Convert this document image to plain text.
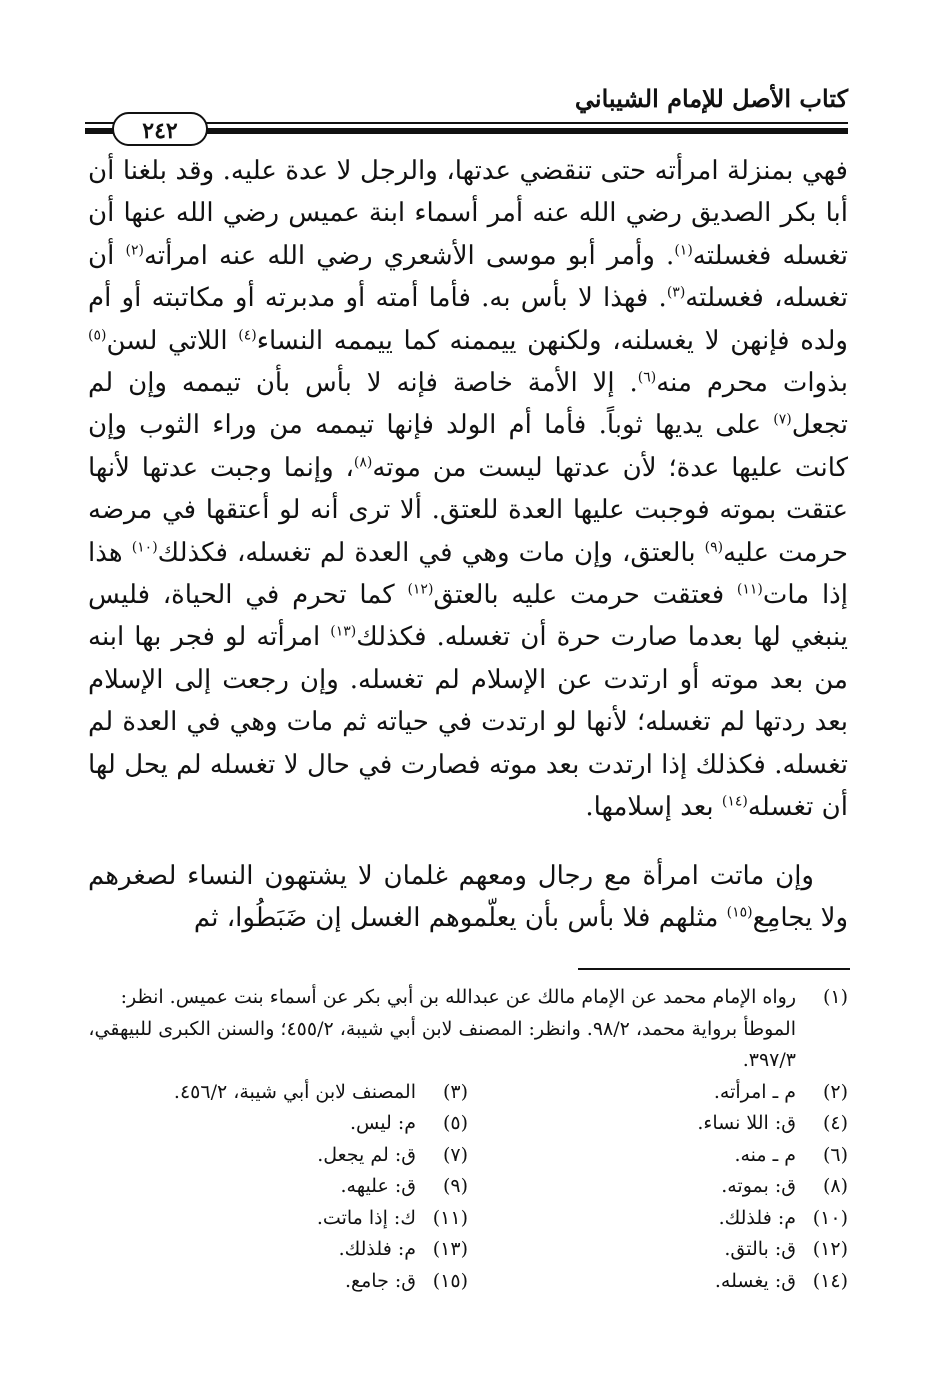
كتاب الأصل للإمام الشيباني
٢٤٢

فهي بمنزلة امرأته حتى تنقضي عدتها، والرجل لا عدة عليه. وقد بلغنا أن أبا بكر الصديق رضي الله عنه أمر أسماء ابنة عميس رضي الله عنها أن تغسله فغسلته$^{(١)}$. وأمر أبو موسى الأشعري رضي الله عنه امرأته$^{(٢)}$ أن تغسله، فغسلته$^{(٣)}$. فهذا لا بأس به. فأما أمته أو مدبرته أو مكاتبته أو أم ولده فإنهن لا يغسلنه، ولكنهن ييممنه كما ييممه النساء$^{(٤)}$ اللاتي لسن$^{(٥)}$ بذوات محرم منه$^{(٦)}$. إلا الأمة خاصة فإنه لا بأس بأن تيممه وإن لم تجعل$^{(٧)}$ على يديها ثوباً. فأما أم الولد فإنها تيممه من وراء الثوب وإن كانت عليها عدة؛ لأن عدتها ليست من موته$^{(٨)}$، وإنما وجبت عدتها لأنها عتقت بموته فوجبت عليها العدة للعتق. ألا ترى أنه لو أعتقها في مرضه حرمت عليه$^{(٩)}$ بالعتق، وإن مات وهي في العدة لم تغسله، فكذلك$^{(١٠)}$ هذا إذا مات$^{(١١)}$ فعتقت حرمت عليه بالعتق$^{(١٢)}$ كما تحرم في الحياة، فليس ينبغي لها بعدما صارت حرة أن تغسله. فكذلك$^{(١٣)}$ امرأته لو فجر بها ابنه من بعد موته أو ارتدت عن الإسلام لم تغسله. وإن رجعت إلى الإسلام بعد ردتها لم تغسله؛ لأنها لو ارتدت في حياته ثم مات وهي في العدة لم تغسله. فكذلك إذا ارتدت بعد موته فصارت في حال لا تغسله لم يحل لها أن تغسله$^{(١٤)}$ بعد إسلامها.

وإن ماتت امرأة مع رجال ومعهم غلمان لا يشتهون النساء لصغرهم ولا يجامِع$^{(١٥)}$ مثلهم فلا بأس بأن يعلّموهم الغسل إن ضَبَطُوا، ثم

(١)
رواه الإمام محمد عن الإمام مالك عن عبدالله بن أبي بكر عن أسماء بنت عميس. انظر: الموطأ برواية محمد، ٩٨/٢. وانظر: المصنف لابن أبي شيبة، ٤٥٥/٢؛ والسنن الكبرى للبيهقي، ٣٩٧/٣.
(٢)
م ـ امرأته.
(٣)
المصنف لابن أبي شيبة، ٤٥٦/٢.
(٤)
ق: اللا نساء.
(٥)
م: ليس.
(٦)
م ـ منه.
(٧)
ق: لم يجعل.
(٨)
ق: بموته.
(٩)
ق: عليهه.
(١٠)
م: فلذلك.
(١١)
ك: إذا ماتت.
(١٢)
ق: بالتق.
(١٣)
م: فلذلك.
(١٤)
ق: يغسله.
(١٥)
ق: جامع.
